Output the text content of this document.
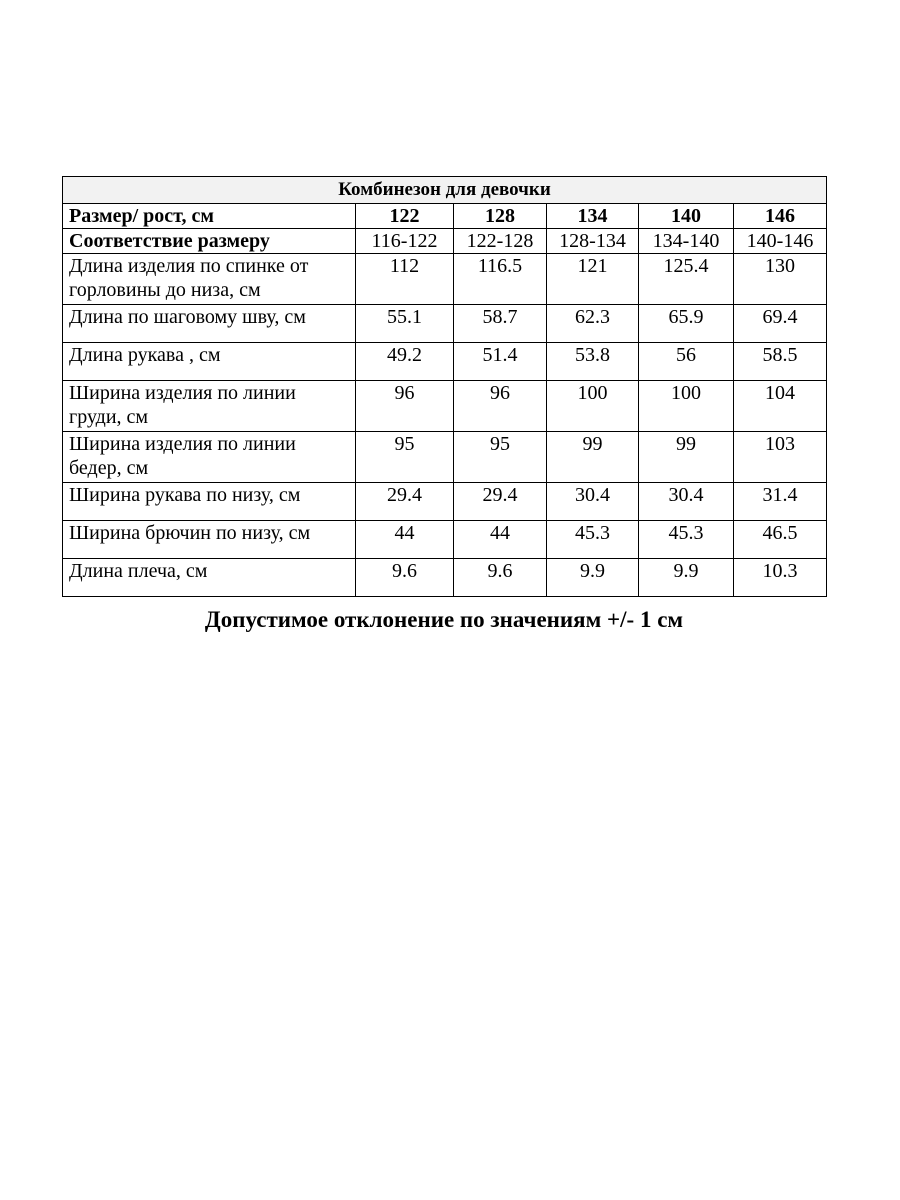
Комбинезон для девочки					
Размер/ рост, см	122	128	134	140	146
Соответствие размеру	116-122	122-128	128-134	134-140	140-146
Длина изделия по спинке от горловины до низа, см	112	116.5	121	125.4	130
Длина по шаговому шву, см	55.1	58.7	62.3	65.9	69.4
Длина рукава , см	49.2	51.4	53.8	56	58.5
Ширина изделия по линии груди, см	96	96	100	100	104
Ширина изделия по линии бедер, см	95	95	99	99	103
Ширина рукава по низу, см	29.4	29.4	30.4	30.4	31.4
Ширина брючин по низу, см	44	44	45.3	45.3	46.5
Длина плеча, см	9.6	9.6	9.9	9.9	10.3
Допустимое отклонение по значениям +/- 1 см
